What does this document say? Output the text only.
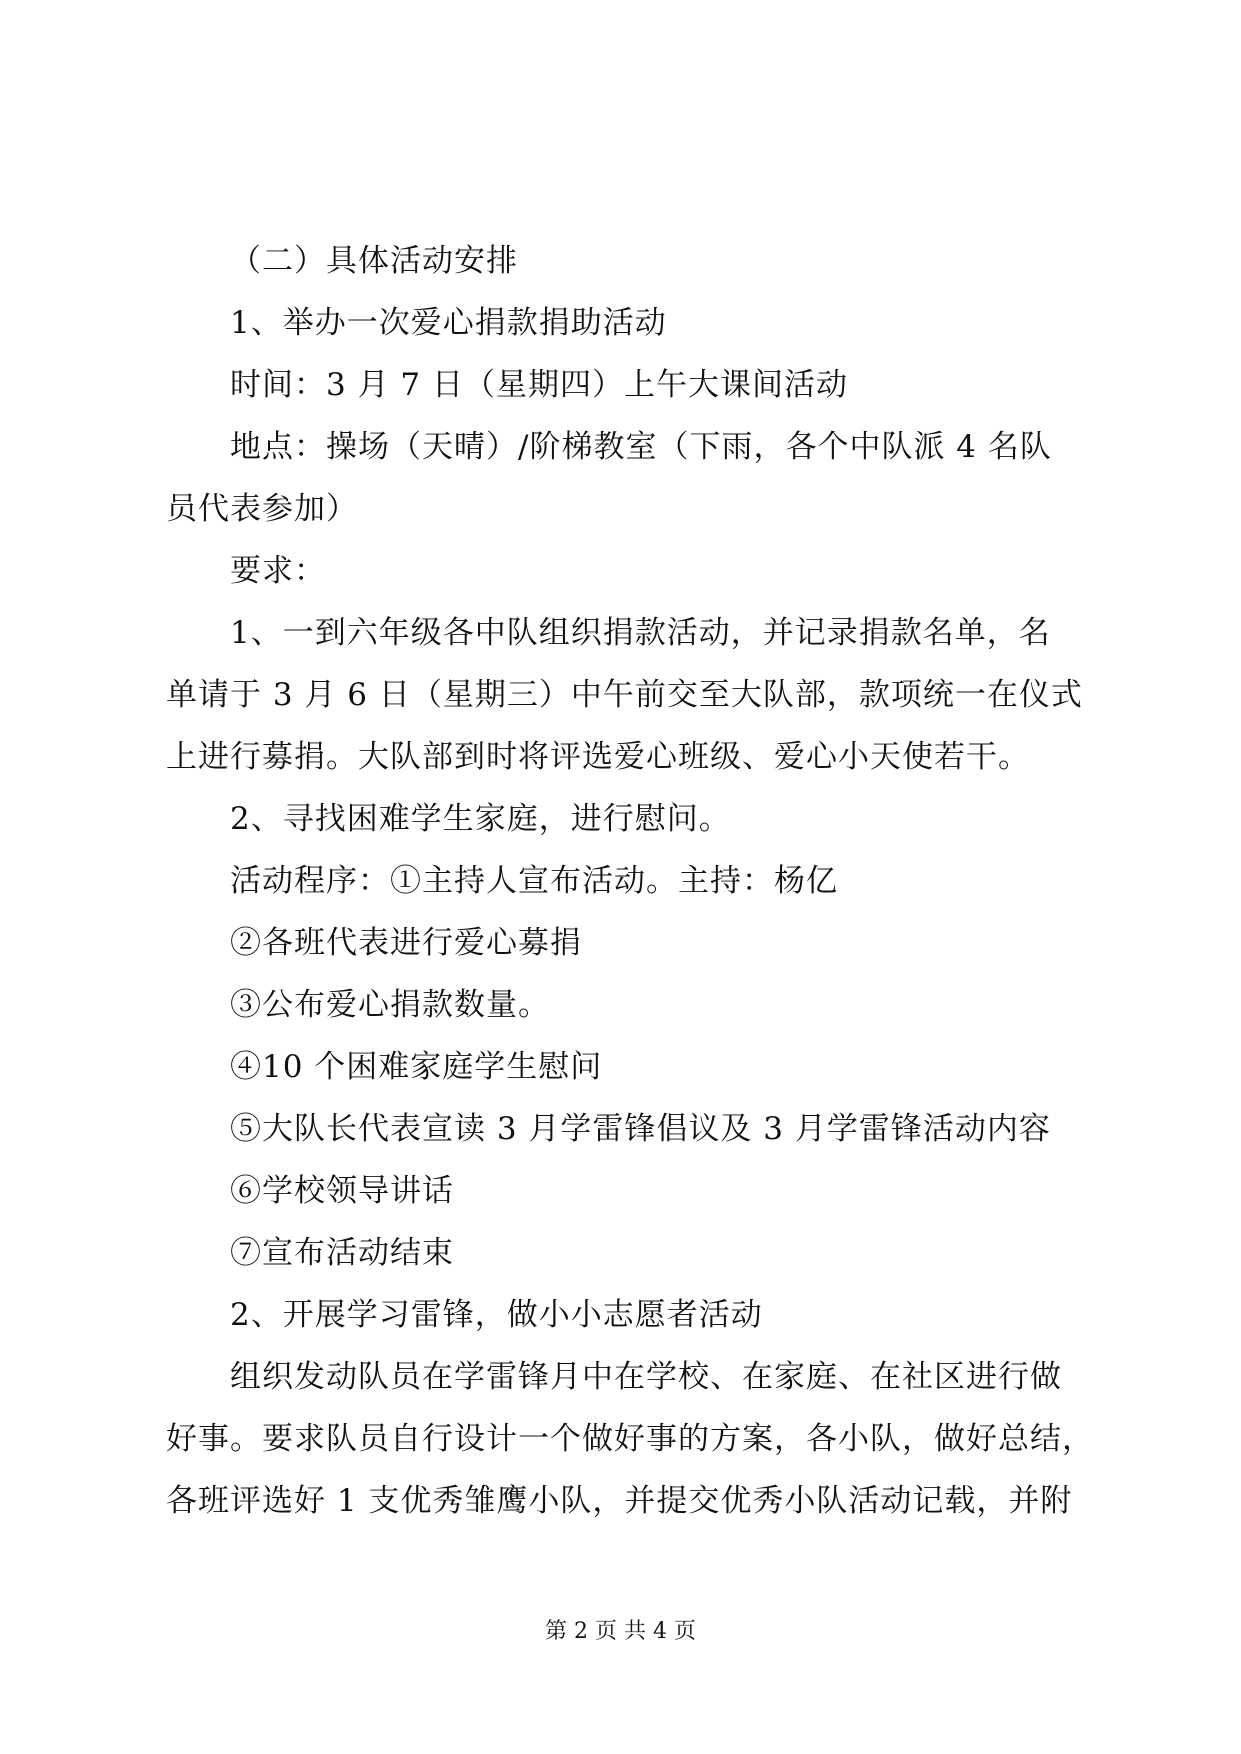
（二）具体活动安排
1、举办一次爱心捐款捐助活动
时间：3 月 7 日（星期四）上午大课间活动
地点：操场（天晴）/阶梯教室（下雨，各个中队派 4 名队
员代表参加）
要求：
1、一到六年级各中队组织捐款活动，并记录捐款名单，名
单请于 3 月 6 日（星期三）中午前交至大队部，款项统一在仪式
上进行募捐。大队部到时将评选爱心班级、爱心小天使若干。
2、寻找困难学生家庭，进行慰问。
活动程序：①主持人宣布活动。主持：杨亿
②各班代表进行爱心募捐
③公布爱心捐款数量。
④10 个困难家庭学生慰问
⑤大队长代表宣读 3 月学雷锋倡议及 3 月学雷锋活动内容
⑥学校领导讲话
⑦宣布活动结束
2、开展学习雷锋，做小小志愿者活动
组织发动队员在学雷锋月中在学校、在家庭、在社区进行做
好事。要求队员自行设计一个做好事的方案，各小队，做好总结，
各班评选好 1 支优秀雏鹰小队，并提交优秀小队活动记载，并附
第 2 页 共 4 页
